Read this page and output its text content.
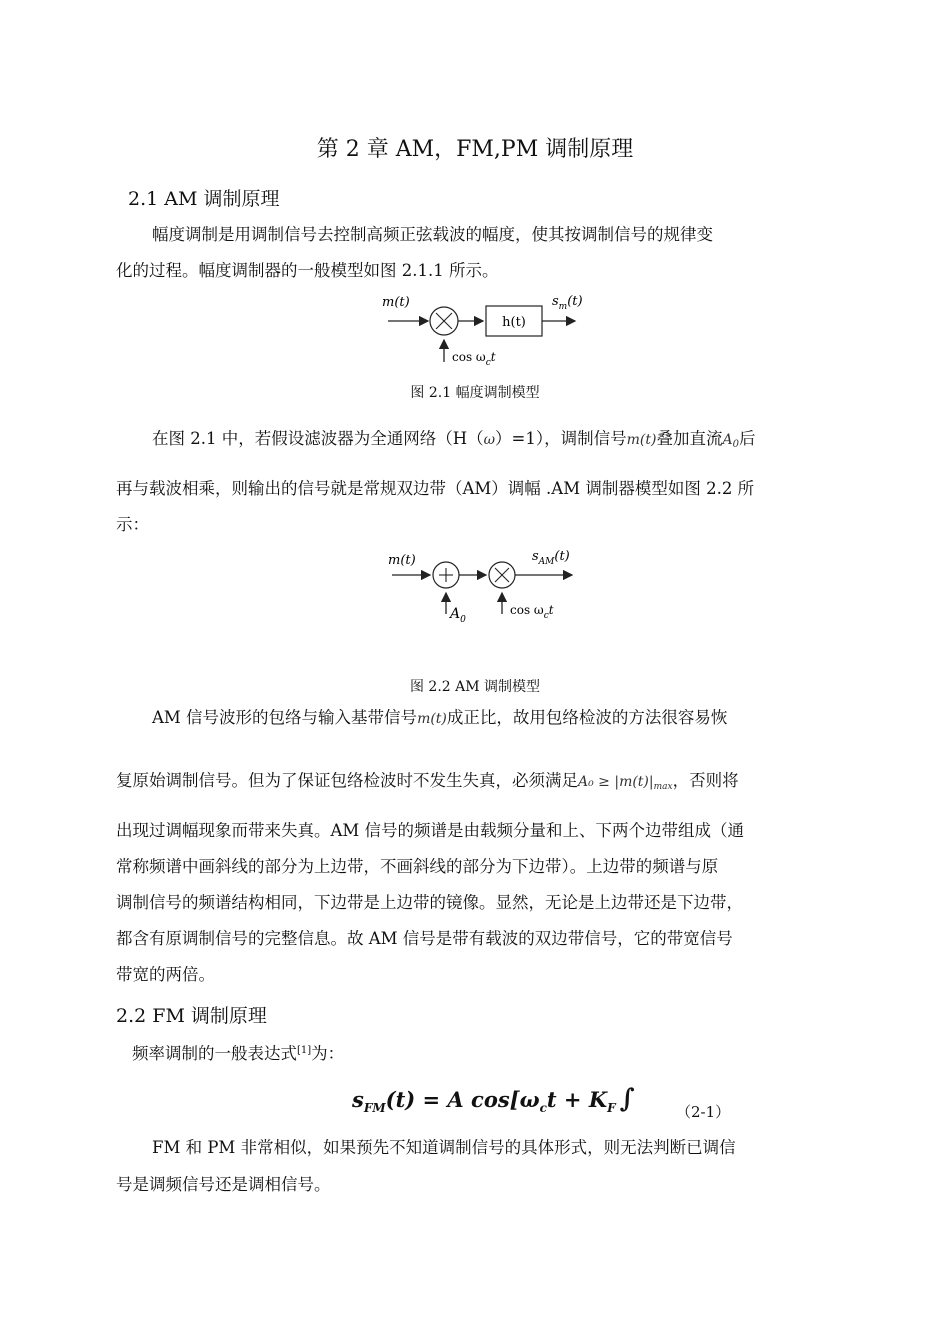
第 2 章 AM，FM,PM 调制原理
2.1 AM 调制原理
幅度调制是用调制信号去控制高频正弦载波的幅度，使其按调制信号的规律变
化的过程。幅度调制器的一般模型如图 2.1.1 所示。
m(t)
h(t)
$s_m(t)$
$\cos \omega_ct$
图 2.1 幅度调制模型
在图 2.1 中，若假设滤波器为全通网络（H（ω）=1），调制信号m(t)叠加直流$A_0$后
再与载波相乘，则输出的信号就是常规双边带（AM）调幅 .AM 调制器模型如图 2.2 所
示：
m(t)	$s_{AM}(t)$
$A_0$
$\cos \omega_ct$
图 2.2 AM 调制模型
AM 信号波形的包络与输入基带信号m(t)成正比，故用包络检波的方法很容易恢
复原始调制信号。但为了保证包络检波时不发生失真，必须满足$A_0 \ge |m(t)|_{max}$，否则将
出现过调幅现象而带来失真。AM 信号的频谱是由载频分量和上、下两个边带组成（通
常称频谱中画斜线的部分为上边带，不画斜线的部分为下边带）。上边带的频谱与原
调制信号的频谱结构相同，下边带是上边带的镜像。显然，无论是上边带还是下边带，
都含有原调制信号的完整信息。故 AM 信号是带有载波的双边带信号，它的带宽信号
带宽的两倍。
2.2 FM 调制原理
频率调制的一般表达式[1]为：
$s_{FM}(t) = A$ $\cos[\omega_ct + K_F$ ∫	（2-1）
FM 和 PM 非常相似，如果预先不知道调制信号的具体形式，则无法判断已调信
号是调频信号还是调相信号。
